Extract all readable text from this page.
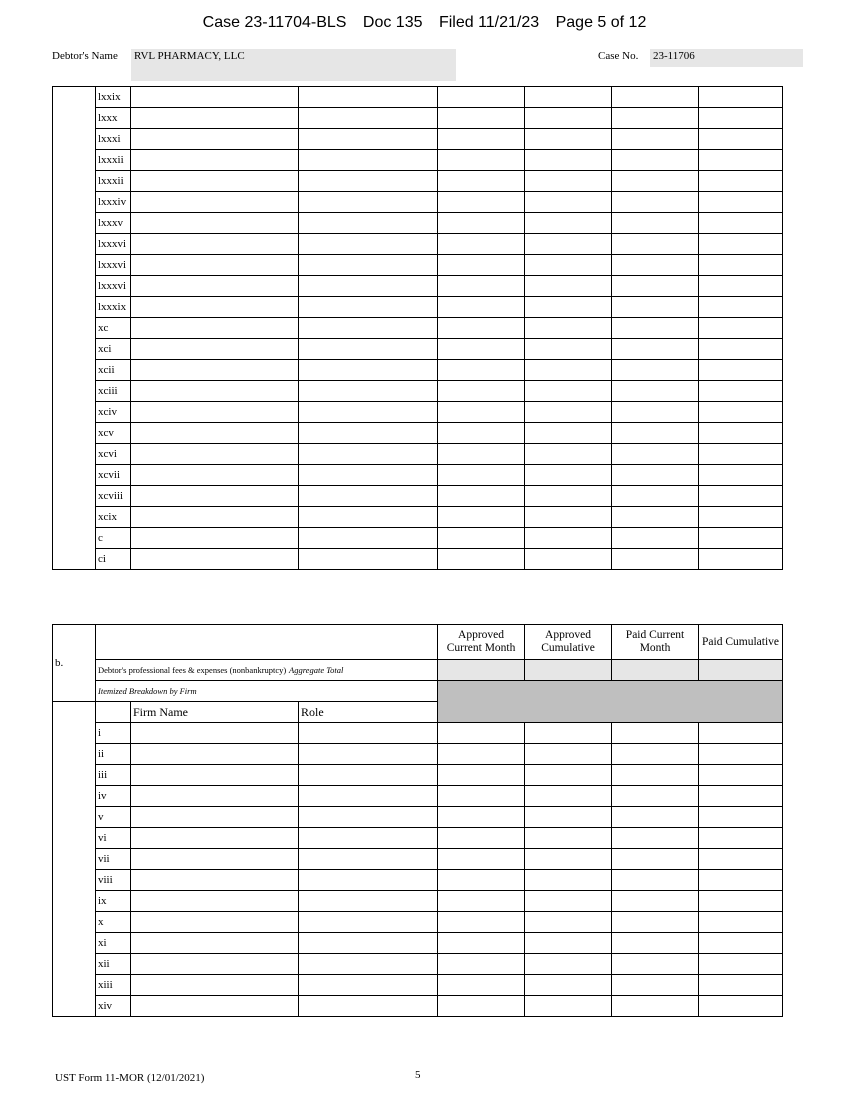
Case 23-11704-BLS Doc 135 Filed 11/21/23 Page 5 of 12
Debtor's Name RVL PHARMACY, LLC	Case No. 23-11706
	lxxix						
	lxxx						
	lxxxi						
	lxxxii						
	lxxxii						
	lxxxiv						
	lxxxv						
	lxxxvi						
	lxxxvi						
	lxxxvi						
	lxxxix						
	xc						
	xci						
	xcii						
	xciii						
	xciv						
	xcv						
	xcvi						
	xcvii						
	xcviii						
	xcix						
	c						
	ci						
b.				Approved Current Month	Approved Cumulative	Paid Current Month	Paid Cumulative
	Debtor's professional fees & expenses (nonbankruptcy) Aggregate Total						
	Itemized Breakdown by Firm						
		Firm Name	Role				
	i						
	ii						
	iii						
	iv						
	v						
	vi						
	vii						
	viii						
	ix						
	x						
	xi						
	xii						
	xiii						
	xiv						
UST Form 11-MOR (12/01/2021)	5
